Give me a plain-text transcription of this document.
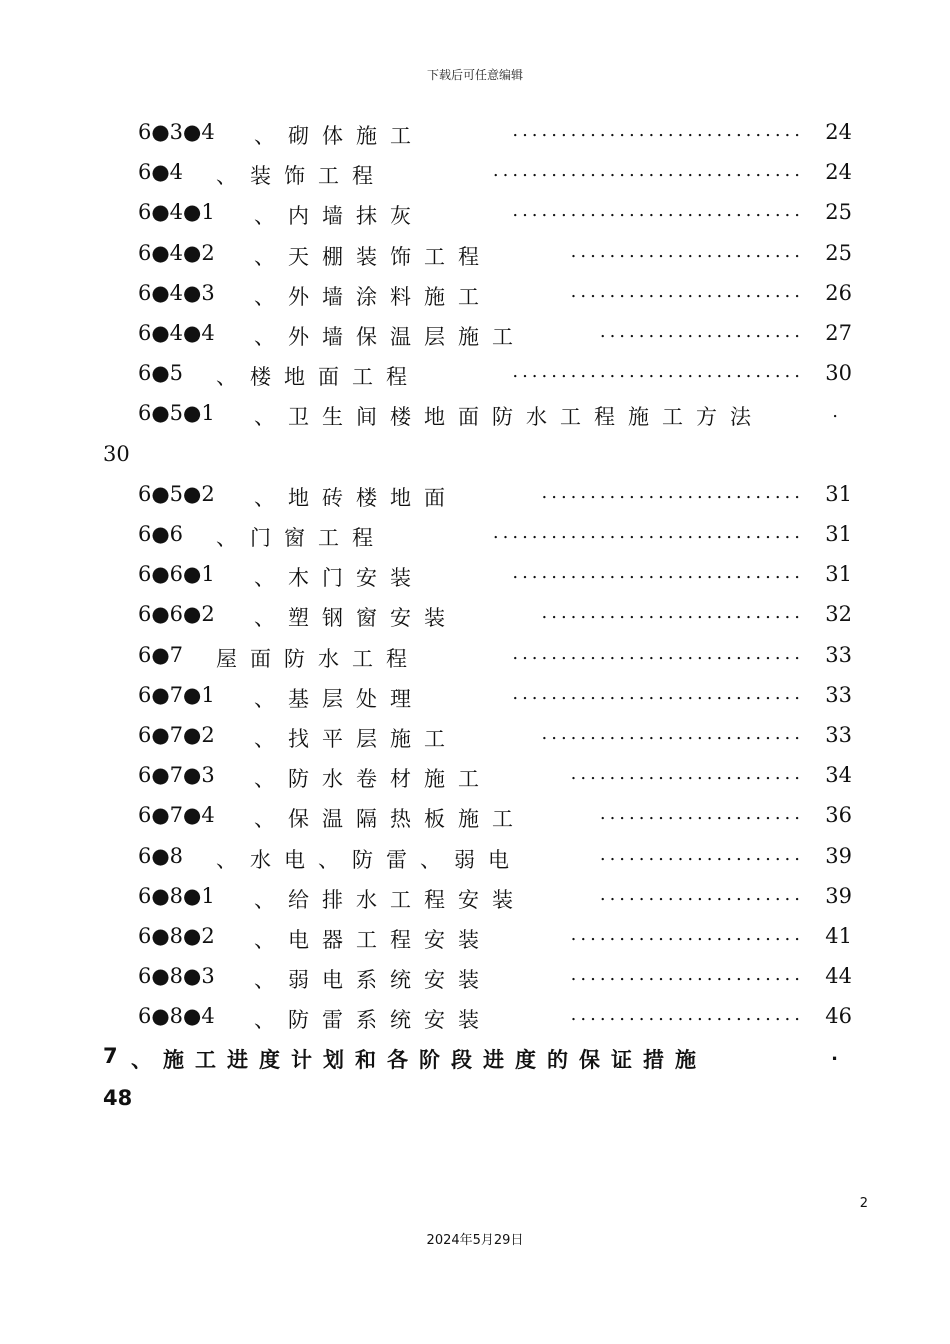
下载后可任意编辑
6●3●4 、砌体施工	.............................. 24
6●4 、装饰工程	................................ 24
6●4●1 、内墙抹灰	.............................. 25
6●4●2 、天棚装饰工程	........................ 25
6●4●3 、外墙涂料施工	........................ 26
6●4●4 、外墙保温层施工	..................... 27
6●5 、楼地面工程	.............................. 30
6●5●1 、卫生间楼地面防水工程施工方法	.
30
6●5●2 、地砖楼地面	........................... 31
6●6 、门窗工程	................................ 31
6●6●1 、木门安装	.............................. 31
6●6●2 、塑钢窗安装	........................... 32
6●7 屋面防水工程	.............................. 33
6●7●1 、基层处理	.............................. 33
6●7●2 、找平层施工	........................... 33
6●7●3 、防水卷材施工	........................ 34
6●7●4 、保温隔热板施工	..................... 36
6●8 、水电、防雷、弱电	..................... 39
6●8●1 、给排水工程安装	..................... 39
6●8●2 、电器工程安装	........................ 41
6●8●3 、弱电系统安装	........................ 44
6●8●4 、防雷系统安装	........................ 46
7 、施工进度计划和各阶段进度的保证措施	.
48
2
2024年5月29日
